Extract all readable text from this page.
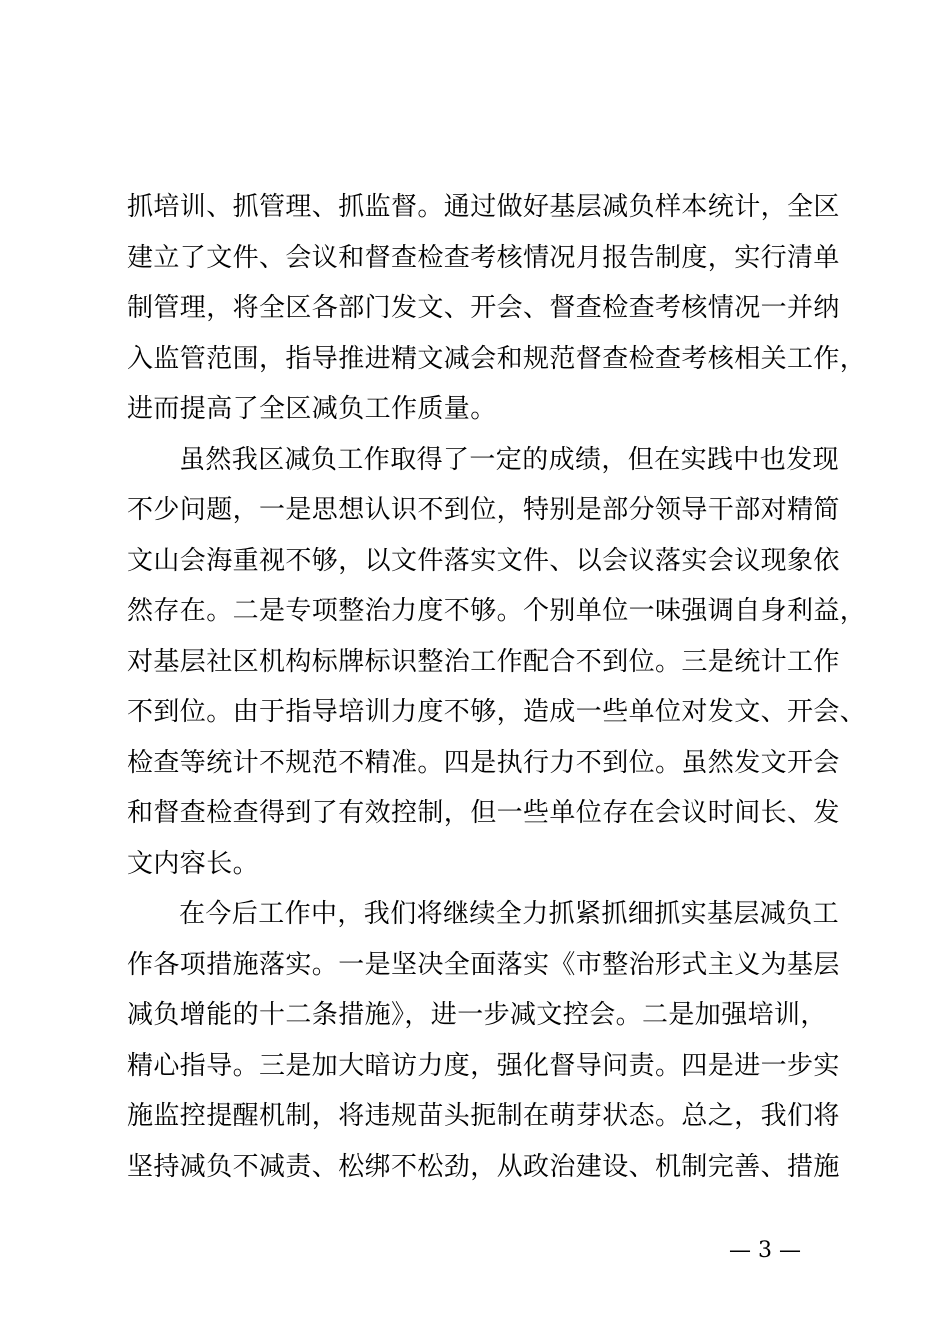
抓培训、抓管理、抓监督。通过做好基层减负样本统计，全区
建立了文件、会议和督查检查考核情况月报告制度，实行清单
制管理，将全区各部门发文、开会、督查检查考核情况一并纳
入监管范围，指导推进精文减会和规范督查检查考核相关工作，
进而提高了全区减负工作质量。
虽然我区减负工作取得了一定的成绩，但在实践中也发现
不少问题，一是思想认识不到位，特别是部分领导干部对精简
文山会海重视不够，以文件落实文件、以会议落实会议现象依
然存在。二是专项整治力度不够。个别单位一味强调自身利益，
对基层社区机构标牌标识整治工作配合不到位。三是统计工作
不到位。由于指导培训力度不够，造成一些单位对发文、开会、
检查等统计不规范不精准。四是执行力不到位。虽然发文开会
和督查检查得到了有效控制，但一些单位存在会议时间长、发
文内容长。
在今后工作中，我们将继续全力抓紧抓细抓实基层减负工
作各项措施落实。一是坚决全面落实《市整治形式主义为基层
减负增能的十二条措施》，进一步减文控会。二是加强培训，
精心指导。三是加大暗访力度，强化督导问责。四是进一步实
施监控提醒机制，将违规苗头扼制在萌芽状态。总之，我们将
坚持减负不减责、松绑不松劲，从政治建设、机制完善、措施
— 3 —
